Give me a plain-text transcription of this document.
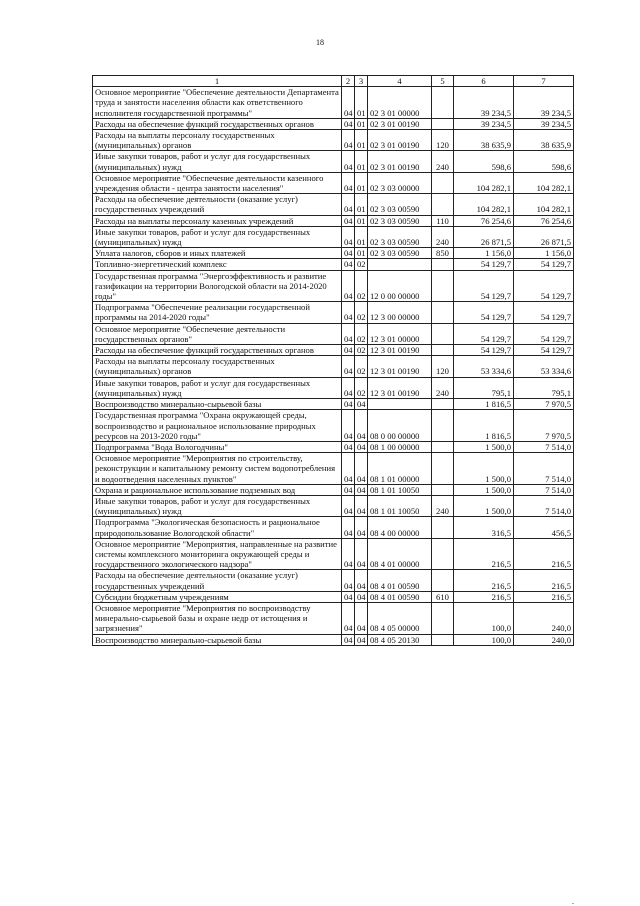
18
1	2	3	4	5	6	7
Основное мероприятие "Обеспечение деятельности Департамента труда и занятости населения области как ответственного исполнителя государственной программы"	04	01	02 3 01 00000		39 234,5	39 234,5
Расходы на обеспечение функций государственных органов	04	01	02 3 01 00190		39 234,5	39 234,5
Расходы на выплаты персоналу государственных (муниципальных) органов	04	01	02 3 01 00190	120	38 635,9	38 635,9
Иные закупки товаров, работ и услуг для государственных (муниципальных) нужд	04	01	02 3 01 00190	240	598,6	598,6
Основное мероприятие "Обеспечение деятельности казенного учреждения области - центра занятости населения"	04	01	02 3 03 00000		104 282,1	104 282,1
Расходы на обеспечение деятельности (оказание услуг) государственных учреждений	04	01	02 3 03 00590		104 282,1	104 282,1
Расходы на выплаты персоналу казенных учреждений	04	01	02 3 03 00590	110	76 254,6	76 254,6
Иные закупки товаров, работ и услуг для государственных (муниципальных) нужд	04	01	02 3 03 00590	240	26 871,5	26 871,5
Уплата налогов, сборов и иных платежей	04	01	02 3 03 00590	850	1 156,0	1 156,0
Топливно-энергетический комплекс	04	02			54 129,7	54 129,7
Государственная программа "Энергоэффективность и развитие газификации на территории Вологодской области на 2014-2020 годы"	04	02	12 0 00 00000		54 129,7	54 129,7
Подпрограмма "Обеспечение реализации государственной программы на 2014-2020 годы"	04	02	12 3 00 00000		54 129,7	54 129,7
Основное мероприятие "Обеспечение деятельности государственных органов"	04	02	12 3 01 00000		54 129,7	54 129,7
Расходы на обеспечение функций государственных органов	04	02	12 3 01 00190		54 129,7	54 129,7
Расходы на выплаты персоналу государственных (муниципальных) органов	04	02	12 3 01 00190	120	53 334,6	53 334,6
Иные закупки товаров, работ и услуг для государственных (муниципальных) нужд	04	02	12 3 01 00190	240	795,1	795,1
Воспроизводство минерально-сырьевой базы	04	04			1 816,5	7 970,5
Государственная программа "Охрана окружающей среды, воспроизводство и рациональное использование природных ресурсов на 2013-2020 годы"	04	04	08 0 00 00000		1 816,5	7 970,5
Подпрограмма "Вода Вологодчины"	04	04	08 1 00 00000		1 500,0	7 514,0
Основное мероприятие "Мероприятия по строительству, реконструкции и капитальному ремонту систем водопотребления и водоотведения населенных пунктов"	04	04	08 1 01 00000		1 500,0	7 514,0
Охрана и рациональное использование подземных вод	04	04	08 1 01 10050		1 500,0	7 514,0
Иные закупки товаров, работ и услуг для государственных (муниципальных) нужд	04	04	08 1 01 10050	240	1 500,0	7 514,0
Подпрограмма "Экологическая безопасность и рациональное природопользование Вологодской области"	04	04	08 4 00 00000		316,5	456,5
Основное мероприятие "Мероприятия, направленные на развитие системы комплексного мониторинга окружающей среды и государственного экологического надзора"	04	04	08 4 01 00000		216,5	216,5
Расходы на обеспечение деятельности (оказание услуг) государственных учреждений	04	04	08 4 01 00590		216,5	216,5
Субсидии бюджетным учреждениям	04	04	08 4 01 00590	610	216,5	216,5
Основное мероприятие "Мероприятия по воспроизводству минерально-сырьевой базы и охране недр от истощения и загрязнения"	04	04	08 4 05 00000		100,0	240,0
Воспроизводство минерально-сырьевой базы	04	04	08 4 05 20130		100,0	240,0
.
